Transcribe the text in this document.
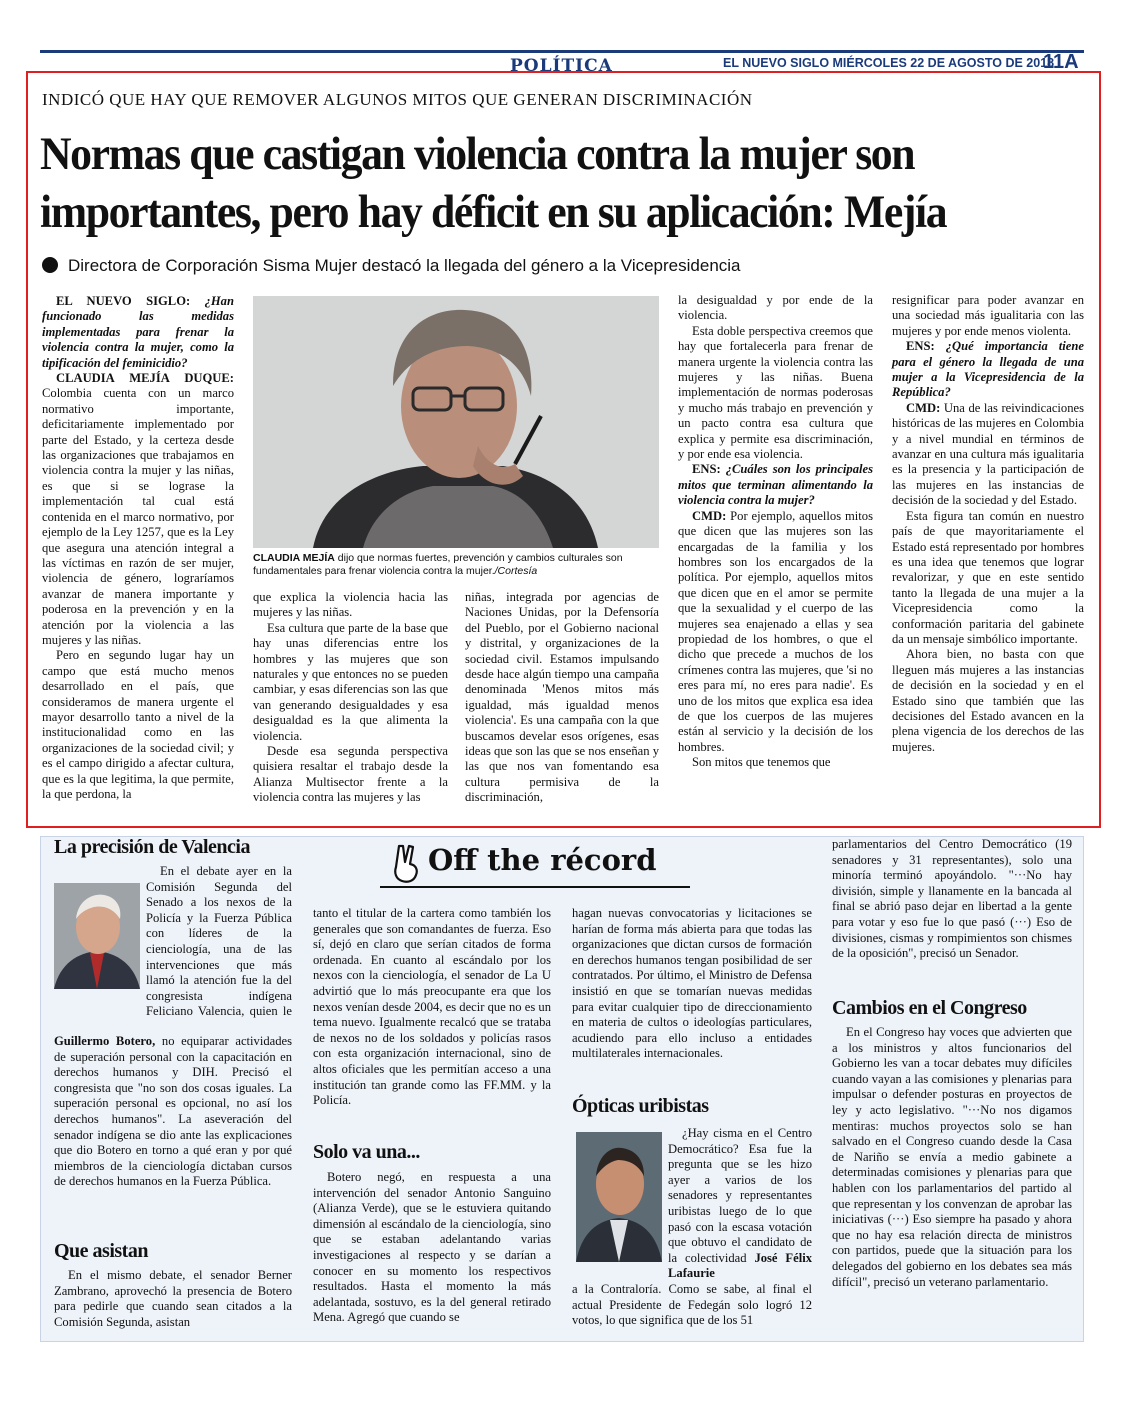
POLÍTICA	EL NUEVO SIGLO MIÉRCOLES 22 DE AGOSTO DE 2018
11A
INDICÓ QUE HAY QUE REMOVER ALGUNOS MITOS QUE GENERAN DISCRIMINACIÓN
Normas que castigan violencia contra la mujer son
importantes, pero hay déficit en su aplicación: Mejía
Directora de Corporación Sisma Mujer destacó la llegada del género a la Vicepresidencia

EL NUEVO SIGLO: ¿Han funcionado las medidas implementadas para frenar la violencia contra la mujer, como la tipificación del feminicidio?

CLAUDIA MEJÍA DUQUE: Colombia cuenta con un marco normativo importante, deficitariamente implementado por parte del Estado, y la certeza desde las organizaciones que trabajamos en violencia contra la mujer y las niñas, es que si se lograse la implementación tal cual está contenida en el marco normativo, por ejemplo de la Ley 1257, que es la Ley que asegura una atención integral a las víctimas en razón de ser mujer, violencia de género, lograríamos avanzar de manera importante y poderosa en la prevención y en la atención por la violencia a las mujeres y las niñas.

Pero en segundo lugar hay un campo que está mucho menos desarrollado en el país, que consideramos de manera urgente el mayor desarrollo tanto a nivel de la institucionalidad como en las organizaciones de la sociedad civil; y es el campo dirigido a afectar cultura, que es la que legitima, la que permite, la que perdona, la

CLAUDIA MEJÍA dijo que normas fuertes, prevención y cambios culturales son fundamentales para frenar violencia contra la mujer./Cortesía

que explica la violencia hacia las mujeres y las niñas.

Esa cultura que parte de la base que hay unas diferencias entre los hombres y las mujeres que son naturales y que entonces no se pueden cambiar, y esas diferencias son las que van generando desigualdades y esa desigualdad es la que alimenta la violencia.

Desde esa segunda perspectiva quisiera resaltar el trabajo desde la Alianza Multisector frente a la violencia contra las mujeres y las

niñas, integrada por agencias de Naciones Unidas, por la Defensoría del Pueblo, por el Gobierno nacional y distrital, y organizaciones de la sociedad civil. Estamos impulsando desde hace algún tiempo una campaña denominada 'Menos mitos más igualdad, más igualdad menos violencia'. Es una campaña con la que buscamos develar esos orígenes, esas ideas que son las que se nos enseñan y las que nos van fomentando esa cultura permisiva de la discriminación,

la desigualdad y por ende de la violencia.

Esta doble perspectiva creemos que hay que fortalecerla para frenar de manera urgente la violencia contra las mujeres y las niñas. Buena implementación de normas poderosas y mucho más trabajo en prevención y un pacto contra esa cultura que explica y permite esa discriminación, y por ende esa violencia.

ENS: ¿Cuáles son los principales mitos que terminan alimentando la violencia contra la mujer?

CMD: Por ejemplo, aquellos mitos que dicen que las mujeres son las encargadas de la familia y los hombres son los encargados de la política. Por ejemplo, aquellos mitos que dicen que en el amor se permite que la sexualidad y el cuerpo de las mujeres sea enajenado a ellas y sea propiedad de los hombres, o que el dicho que precede a muchos de los crímenes contra las mujeres, que 'si no eres para mí, no eres para nadie'. Es uno de los mitos que explica esa idea de que los cuerpos de las mujeres están al servicio y la decisión de los hombres.

Son mitos que tenemos que

resignificar para poder avanzar en una sociedad más igualitaria con las mujeres y por ende menos violenta.

ENS: ¿Qué importancia tiene para el género la llegada de una mujer a la Vicepresidencia de la República?

CMD: Una de las reivindicaciones históricas de las mujeres en Colombia y a nivel mundial en términos de avanzar en una cultura más igualitaria es la presencia y la participación de las mujeres en las instancias de decisión de la sociedad y del Estado.

Esta figura tan común en nuestro país de que mayoritariamente el Estado está representado por hombres es una idea que tenemos que lograr revalorizar, y que en este sentido tanto la llegada de una mujer a la Vicepresidencia como la conformación paritaria del gabinete da un mensaje simbólico importante.

Ahora bien, no basta con que lleguen más mujeres a las instancias de decisión en la sociedad y en el Estado sino que también que las decisiones del Estado avancen en la plena vigencia de los derechos de las mujeres.

Off the récord
La precisión de Valencia

En el debate ayer en la Comisión Segunda del Senado a los nexos de la Policía y la Fuerza Pública con líderes de la cienciología, una de las intervenciones que más llamó la atención fue la del congresista indígena Feliciano Valencia, quien le

Guillermo Botero, no equiparar actividades de superación personal con la capacitación en derechos humanos y DIH. Precisó el congresista que "no son dos cosas iguales. La superación personal es opcional, no así los derechos humanos". La aseveración del senador indígena se dio ante las explicaciones que dio Botero en torno a qué eran y por qué miembros de la cienciología dictaban cursos de derechos humanos en la Fuerza Pública.

Que asistan

En el mismo debate, el senador Berner Zambrano, aprovechó la presencia de Botero para pedirle que cuando sean citados a la Comisión Segunda, asistan

tanto el titular de la cartera como también los generales que son comandantes de fuerza. Eso sí, dejó en claro que serían citados de forma ordenada. En cuanto al escándalo por los nexos con la cienciología, el senador de La U advirtió que lo más preocupante era que los nexos venían desde 2004, es decir que no es un tema nuevo. Igualmente recalcó que se trataba de nexos no de los soldados y policías rasos con esta organización internacional, sino de altos oficiales que les permitían acceso a una institución tan grande como las FF.MM. y la Policía.

Solo va una...

Botero negó, en respuesta a una intervención del senador Antonio Sanguino (Alianza Verde), que se le estuviera quitando dimensión al escándalo de la cienciología, sino que se estaban adelantando varias investigaciones al respecto y se darían a conocer en su momento los respectivos resultados. Hasta el momento la más adelantada, sostuvo, es la del general retirado Mena. Agregó que cuando se

hagan nuevas convocatorias y licitaciones se harían de forma más abierta para que todas las organizaciones que dictan cursos de formación en derechos humanos tengan posibilidad de ser contratados. Por último, el Ministro de Defensa insistió en que se tomarían nuevas medidas para evitar cualquier tipo de direccionamiento en materia de cultos o ideologías particulares, acudiendo para ello incluso a entidades multilaterales internacionales.

Ópticas uribistas

¿Hay cisma en el Centro Democrático? Esa fue la pregunta que se les hizo ayer a varios de los senadores y representantes uribistas luego de lo que pasó con la escasa votación que obtuvo el candidato de la colectividad José Félix Lafaurie

a la Contraloría. Como se sabe, al final el actual Presidente de Fedegán solo logró 12 votos, lo que significa que de los 51

parlamentarios del Centro Democrático (19 senadores y 31 representantes), solo una minoría terminó apoyándolo. "···No hay división, simple y llanamente en la bancada al final se abrió paso dejar en libertad a la gente para votar y eso fue lo que pasó (···) Eso de divisiones, cismas y rompimientos son chismes de la oposición", precisó un Senador.

Cambios en el Congreso

En el Congreso hay voces que advierten que a los ministros y altos funcionarios del Gobierno les van a tocar debates muy difíciles cuando vayan a las comisiones y plenarias para impulsar o defender posturas en proyectos de ley y acto legislativo. "···No nos digamos mentiras: muchos proyectos solo se han salvado en el Congreso cuando desde la Casa de Nariño se envía a medio gabinete a determinadas comisiones y plenarias para que hablen con los parlamentarios del partido al que representan y los convenzan de aprobar las iniciativas (···) Eso siempre ha pasado y ahora que no hay esa relación directa de ministros con partidos, puede que la situación para los delegados del gobierno en los debates sea más difícil", precisó un veterano parlamentario.
